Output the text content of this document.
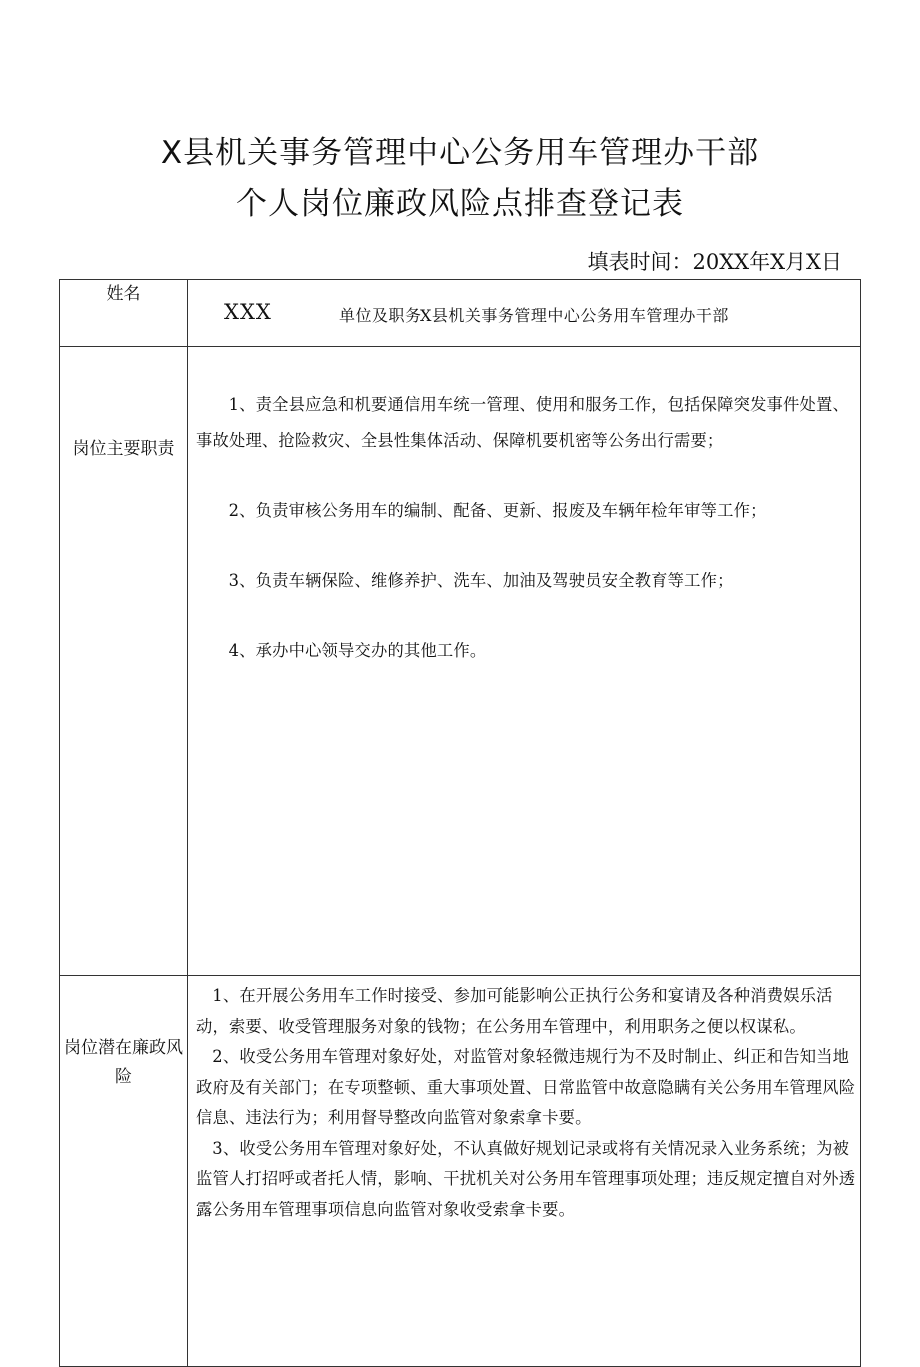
X县机关事务管理中心公务用车管理办干部
个人岗位廉政风险点排查登记表
填表时间：20XX年X月X日
姓名	XXX 单位及职务
X县机关事务管理中心公务用车管理办干部

岗位主要职责	1、责全县应急和机要通信用车统一管理、使用和服务工作，包括保障突发事件处置、事故处理、抢险救灾、全县性集体活动、保障机要机密等公务出行需要；

2、负责审核公务用车的编制、配备、更新、报废及车辆年检年审等工作；

3、负责车辆保险、维修养护、洗车、加油及驾驶员安全教育等工作；

4、承办中心领导交办的其他工作。

岗位潜在廉政风险	1、在开展公务用车工作时接受、参加可能影响公正执行公务和宴请及各种消费娱乐活动，索要、收受管理服务对象的钱物；在公务用车管理中，利用职务之便以权谋私。

2、收受公务用车管理对象好处，对监管对象轻微违规行为不及时制止、纠正和告知当地政府及有关部门；在专项整顿、重大事项处置、日常监管中故意隐瞒有关公务用车管理风险信息、违法行为；利用督导整改向监管对象索拿卡要。

3、收受公务用车管理对象好处，不认真做好规划记录或将有关情况录入业务系统；为被监管人打招呼或者托人情，影响、干扰机关对公务用车管理事项处理；违反规定擅自对外透露公务用车管理事项信息向监管对象收受索拿卡要。
